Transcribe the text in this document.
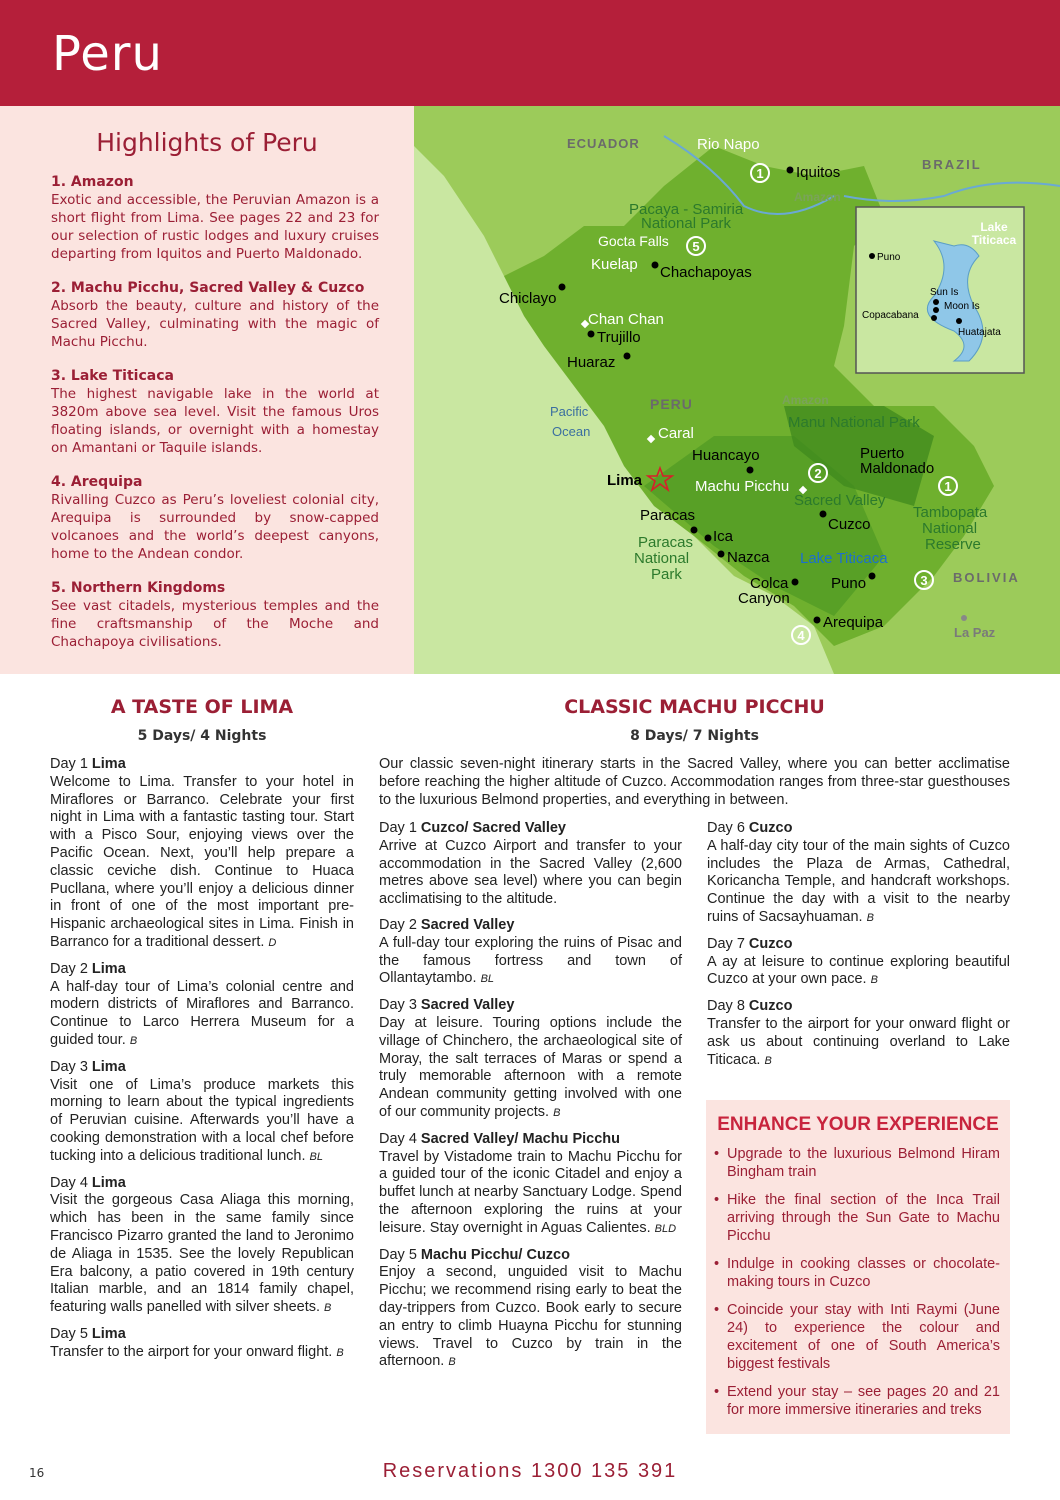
Peru
Highlights of Peru
1. Amazon
Exotic and accessible, the Peruvian Amazon is a short flight from Lima. See pages 22 and 23 for our selection of rustic lodges and luxury cruises departing from Iquitos and Puerto Maldonado.
2. Machu Picchu, Sacred Valley & Cuzco
Absorb the beauty, culture and history of the Sacred Valley, culminating with the magic of Machu Picchu.
3. Lake Titicaca
The highest navigable lake in the world at 3820m above sea level. Visit the famous Uros floating islands, or overnight with a homestay on Amantani or Taquile islands.
4. Arequipa
Rivalling Cuzco as Peru’s loveliest colonial city, Arequipa is surrounded by snow-capped volcanoes and the world’s deepest canyons, home to the Andean condor.
5. Northern Kingdoms
See vast citadels, mysterious temples and the fine craftsmanship of the Moche and Chachapoya civilisations.
Lake
Titicaca
Puno
Sun Is
Moon Is
Copacabana
Huatajata
ECUADOR
BRAZIL
PERU
BOLIVIA
Pacific
Ocean
Amazon
Amazon
Iquitos
Chachapoyas
Chiclayo
Trujillo
Huaraz
Lima
Huancayo
Cuzco
Paracas
Ica
Nazca
Puno
Arequipa
La Paz
Rio Napo
Pacaya - Samiria
National Park
Gocta Falls
Kuelap
Chan Chan
Caral
Manu National Park
Puerto
Maldonado
Machu Picchu
Sacred Valley
Tambopata
National
Reserve
Paracas
National
Park
Lake Titicaca
Colca
Canyon
1
5
2
1
3
4
A TASTE OF LIMA
5 Days/ 4 Nights
Day 1 Lima
Welcome to Lima. Transfer to your hotel in Miraflores or Barranco. Celebrate your first night in Lima with a fantastic tasting tour. Start with a Pisco Sour, enjoying views over the Pacific Ocean. Next, you’ll help prepare a classic ceviche dish. Continue to Huaca Pucllana, where you’ll enjoy a delicious dinner in front of one of the most important pre-Hispanic archaeological sites in Lima. Finish in Barranco for a traditional dessert. D
Day 2 Lima
A half-day tour of Lima’s colonial centre and modern districts of Miraflores and Barranco. Continue to Larco Herrera Museum for a guided tour. B
Day 3 Lima
Visit one of Lima’s produce markets this morning to learn about the typical ingredients of Peruvian cuisine. Afterwards you’ll have a cooking demonstration with a local chef before tucking into a delicious traditional lunch. BL
Day 4 Lima
Visit the gorgeous Casa Aliaga this morning, which has been in the same family since Francisco Pizarro granted the land to Jeronimo de Aliaga in 1535. See the lovely Republican Era balcony, a patio covered in 19th century Italian marble, and an 1814 family chapel, featuring walls panelled with silver sheets. B
Day 5 Lima
Transfer to the airport for your onward flight. B
CLASSIC MACHU PICCHU
8 Days/ 7 Nights
Our classic seven-night itinerary starts in the Sacred Valley, where you can better acclimatise before reaching the higher altitude of Cuzco. Accommodation ranges from three-star guesthouses to the luxurious Belmond properties, and everything in between.
Day 1 Cuzco/ Sacred Valley
Arrive at Cuzco Airport and transfer to your accommodation in the Sacred Valley (2,600 metres above sea level) where you can begin acclimatising to the altitude.
Day 2 Sacred Valley
A full-day tour exploring the ruins of Pisac and the famous fortress and town of Ollantaytambo. BL
Day 3 Sacred Valley
Day at leisure. Touring options include the village of Chinchero, the archaeological site of Moray, the salt terraces of Maras or spend a truly memorable afternoon with a remote Andean community getting involved with one of our community projects. B
Day 4 Sacred Valley/ Machu Picchu
Travel by Vistadome train to Machu Picchu for a guided tour of the iconic Citadel and enjoy a buffet lunch at nearby Sanctuary Lodge. Spend the afternoon exploring the ruins at your leisure. Stay overnight in Aguas Calientes. BLD
Day 5 Machu Picchu/ Cuzco
Enjoy a second, unguided visit to Machu Picchu; we recommend rising early to beat the day-trippers from Cuzco. Book early to secure an entry to climb Huayna Picchu for stunning views. Travel to Cuzco by train in the afternoon. B
Day 6 Cuzco
A half-day city tour of the main sights of Cuzco includes the Plaza de Armas, Cathedral, Koricancha Temple, and handcraft workshops. Continue the day with a visit to the nearby ruins of Sacsayhuaman. B
Day 7 Cuzco
A ay at leisure to continue exploring beautiful Cuzco at your own pace. B
Day 8 Cuzco
Transfer to the airport for your onward flight or ask us about continuing overland to Lake Titicaca. B
ENHANCE YOUR EXPERIENCE
• Upgrade to the luxurious Belmond Hiram Bingham train
• Hike the final section of the Inca Trail arriving through the Sun Gate to Machu Picchu
• Indulge in cooking classes or chocolate-making tours in Cuzco
• Coincide your stay with Inti Raymi (June 24) to experience the colour and excitement of one of South America’s biggest festivals
• Extend your stay – see pages 20 and 21 for more immersive itineraries and treks
16	Reservations 1300 135 391
